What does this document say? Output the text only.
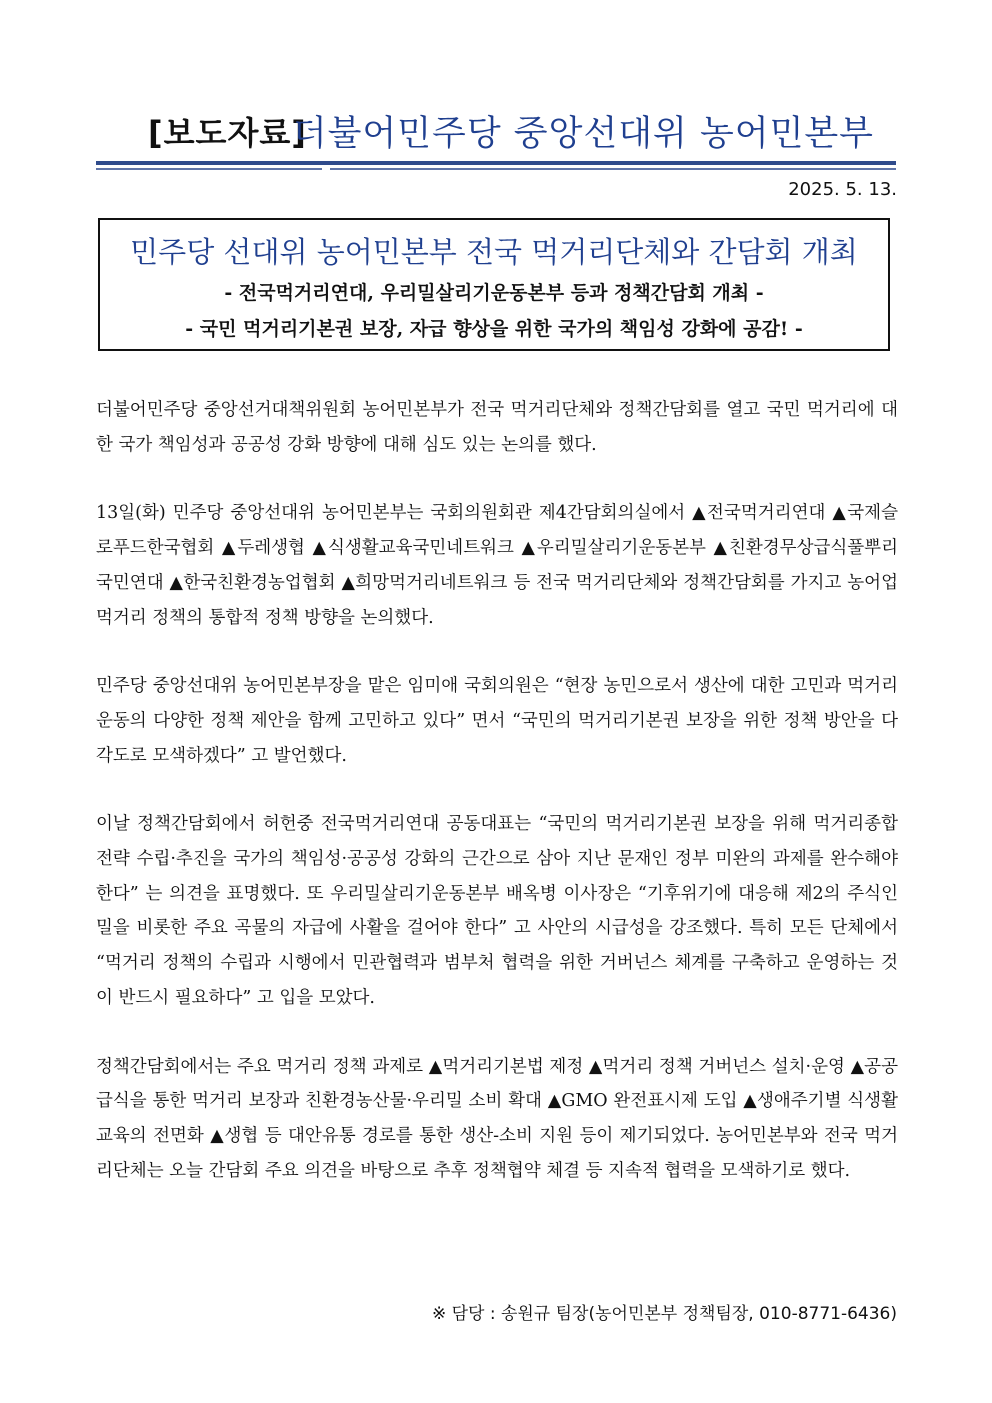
[보도자료]
더불어민주당 중앙선대위 농어민본부
2025. 5. 13.
민주당 선대위 농어민본부 전국 먹거리단체와 간담회 개최
- 전국먹거리연대, 우리밀살리기운동본부 등과 정책간담회 개최 -
- 국민 먹거리기본권 보장, 자급 향상을 위한 국가의 책임성 강화에 공감! -

더불어민주당 중앙선거대책위원회 농어민본부가 전국 먹거리단체와 정책간담회를 열고 국민 먹거리에 대한 국가 책임성과 공공성 강화 방향에 대해 심도 있는 논의를 했다.

13일(화) 민주당 중앙선대위 농어민본부는 국회의원회관 제4간담회의실에서 ▲전국먹거리연대 ▲국제슬로푸드한국협회 ▲두레생협 ▲식생활교육국민네트워크 ▲우리밀살리기운동본부 ▲친환경무상급식풀뿌리국민연대 ▲한국친환경농업협회 ▲희망먹거리네트워크 등 전국 먹거리단체와 정책간담회를 가지고 농어업먹거리 정책의 통합적 정책 방향을 논의했다.

민주당 중앙선대위 농어민본부장을 맡은 임미애 국회의원은 “현장 농민으로서 생산에 대한 고민과 먹거리 운동의 다양한 정책 제안을 함께 고민하고 있다” 면서 “국민의 먹거리기본권 보장을 위한 정책 방안을 다각도로 모색하겠다” 고 발언했다.

이날 정책간담회에서 허헌중 전국먹거리연대 공동대표는 “국민의 먹거리기본권 보장을 위해 먹거리종합전략 수립·추진을 국가의 책임성·공공성 강화의 근간으로 삼아 지난 문재인 정부 미완의 과제를 완수해야 한다” 는 의견을 표명했다. 또 우리밀살리기운동본부 배옥병 이사장은 “기후위기에 대응해 제2의 주식인 밀을 비롯한 주요 곡물의 자급에 사활을 걸어야 한다” 고 사안의 시급성을 강조했다. 특히 모든 단체에서 “먹거리 정책의 수립과 시행에서 민관협력과 범부처 협력을 위한 거버넌스 체계를 구축하고 운영하는 것이 반드시 필요하다” 고 입을 모았다.

정책간담회에서는 주요 먹거리 정책 과제로 ▲먹거리기본법 제정 ▲먹거리 정책 거버넌스 설치·운영 ▲공공급식을 통한 먹거리 보장과 친환경농산물·우리밀 소비 확대 ▲GMO 완전표시제 도입 ▲생애주기별 식생활교육의 전면화 ▲생협 등 대안유통 경로를 통한 생산-소비 지원 등이 제기되었다. 농어민본부와 전국 먹거리단체는 오늘 간담회 주요 의견을 바탕으로 추후 정책협약 체결 등 지속적 협력을 모색하기로 했다.

※ 담당 : 송원규 팀장(농어민본부 정책팀장, 010-8771-6436)
